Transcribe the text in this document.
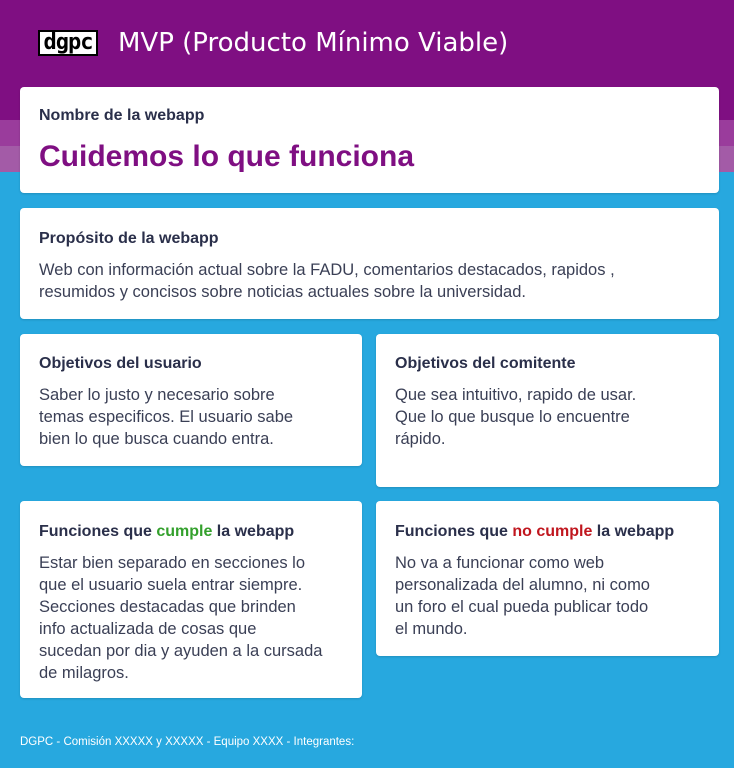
dgpc MVP (Producto Mínimo Viable)
Nombre de la webapp
Cuidemos lo que funciona
Propósito de la webapp
Web con información actual sobre la FADU, comentarios destacados, rapidos ,
resumidos y concisos sobre noticias actuales sobre la universidad.
Objetivos del usuario
Saber lo justo y necesario sobre
temas especificos. El usuario sabe
bien lo que busca cuando entra.
Objetivos del comitente
Que sea intuitivo, rapido de usar.
Que lo que busque lo encuentre
rápido.
Funciones que cumple la webapp
Estar bien separado en secciones lo
que el usuario suela entrar siempre.
Secciones destacadas que brinden
info actualizada de cosas que
sucedan por dia y ayuden a la cursada
de milagros.
Funciones que no cumple la webapp
No va a funcionar como web
personalizada del alumno, ni como
un foro el cual pueda publicar todo
el mundo.
DGPC - Comisión XXXXX y XXXXX - Equipo XXXX - Integrantes:
